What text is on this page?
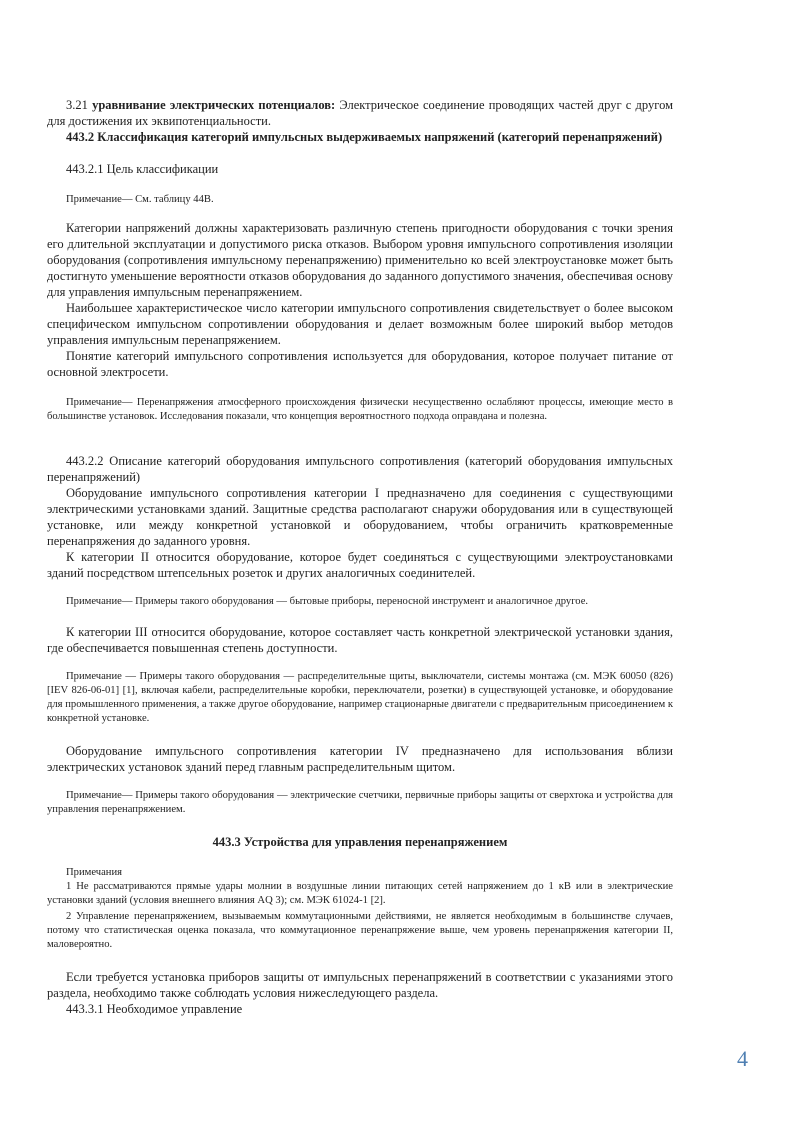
3.21 уравнивание электрических потенциалов: Электрическое соединение проводящих частей друг с другом для достижения их эквипотенциальности.

443.2 Классификация категорий импульсных выдерживаемых напряжений (категорий перенапряжений)

443.2.1 Цель классификации

Примечание— См. таблицу 44В.

Категории напряжений должны характеризовать различную степень пригодности оборудования с точки зрения его длительной эксплуатации и допустимого риска отказов. Выбором уровня импульсного сопротивления изоляции оборудования (сопротивления импульсному перенапряжению) применительно ко всей электроустановке может быть достигнуто уменьшение вероятности отказов оборудования до заданного допустимого значения, обеспечивая основу для управления импульсным перенапряжением.

Наибольшее характеристическое число категории импульсного сопротивления свидетельствует о более высоком специфическом импульсном сопротивлении оборудования и делает возможным более широкий выбор методов управления импульсным перенапряжением.

Понятие категорий импульсного сопротивления используется для оборудования, которое получает питание от основной электросети.

Примечание— Перенапряжения атмосферного происхождения физически несущественно ослабляют процессы, имеющие место в большинстве установок. Исследования показали, что концепция вероятностного подхода оправдана и полезна.

443.2.2 Описание категорий оборудования импульсного сопротивления (категорий оборудования импульсных перенапряжений)

Оборудование импульсного сопротивления категории I предназначено для соединения с существующими электрическими установками зданий. Защитные средства располагают снаружи оборудования или в существующей установке, или между конкретной установкой и оборудованием, чтобы ограничить кратковременные перенапряжения до заданного уровня.

К категории II относится оборудование, которое будет соединяться с существующими электроустановками зданий посредством штепсельных розеток и других аналогичных соединителей.

Примечание— Примеры такого оборудования — бытовые приборы, переносной инструмент и аналогичное другое.

К категории III относится оборудование, которое составляет часть конкретной электрической установки здания, где обеспечивается повышенная степень доступности.

Примечание — Примеры такого оборудования — распределительные щиты, выключатели, системы монтажа (см. МЭК 60050 (826) [IEV 826-06-01] [1], включая кабели, распределительные коробки, переключатели, розетки) в существующей установке, и оборудование для промышленного применения, а также другое оборудование, например стационарные двигатели с предварительным присоединением к конкретной установке.

Оборудование импульсного сопротивления категории IV предназначено для использования вблизи электрических установок зданий перед главным распределительным щитом.

Примечание— Примеры такого оборудования — электрические счетчики, первичные приборы защиты от сверхтока и устройства для управления перенапряжением.

443.3 Устройства для управления перенапряжением

Примечания

1 Не рассматриваются прямые удары молнии в воздушные линии питающих сетей напряжением до 1 кВ или в электрические установки зданий (условия внешнего влияния AQ 3); см. МЭК 61024-1 [2].

2 Управление перенапряжением, вызываемым коммутационными действиями, не является необходимым в большинстве случаев, потому что статистическая оценка показала, что коммутационное перенапряжение выше, чем уровень перенапряжения категории II, маловероятно.

Если требуется установка приборов защиты от импульсных перенапряжений в соответствии с указаниями этого раздела, необходимо также соблюдать условия нижеследующего раздела.

443.3.1 Необходимое управление

4
